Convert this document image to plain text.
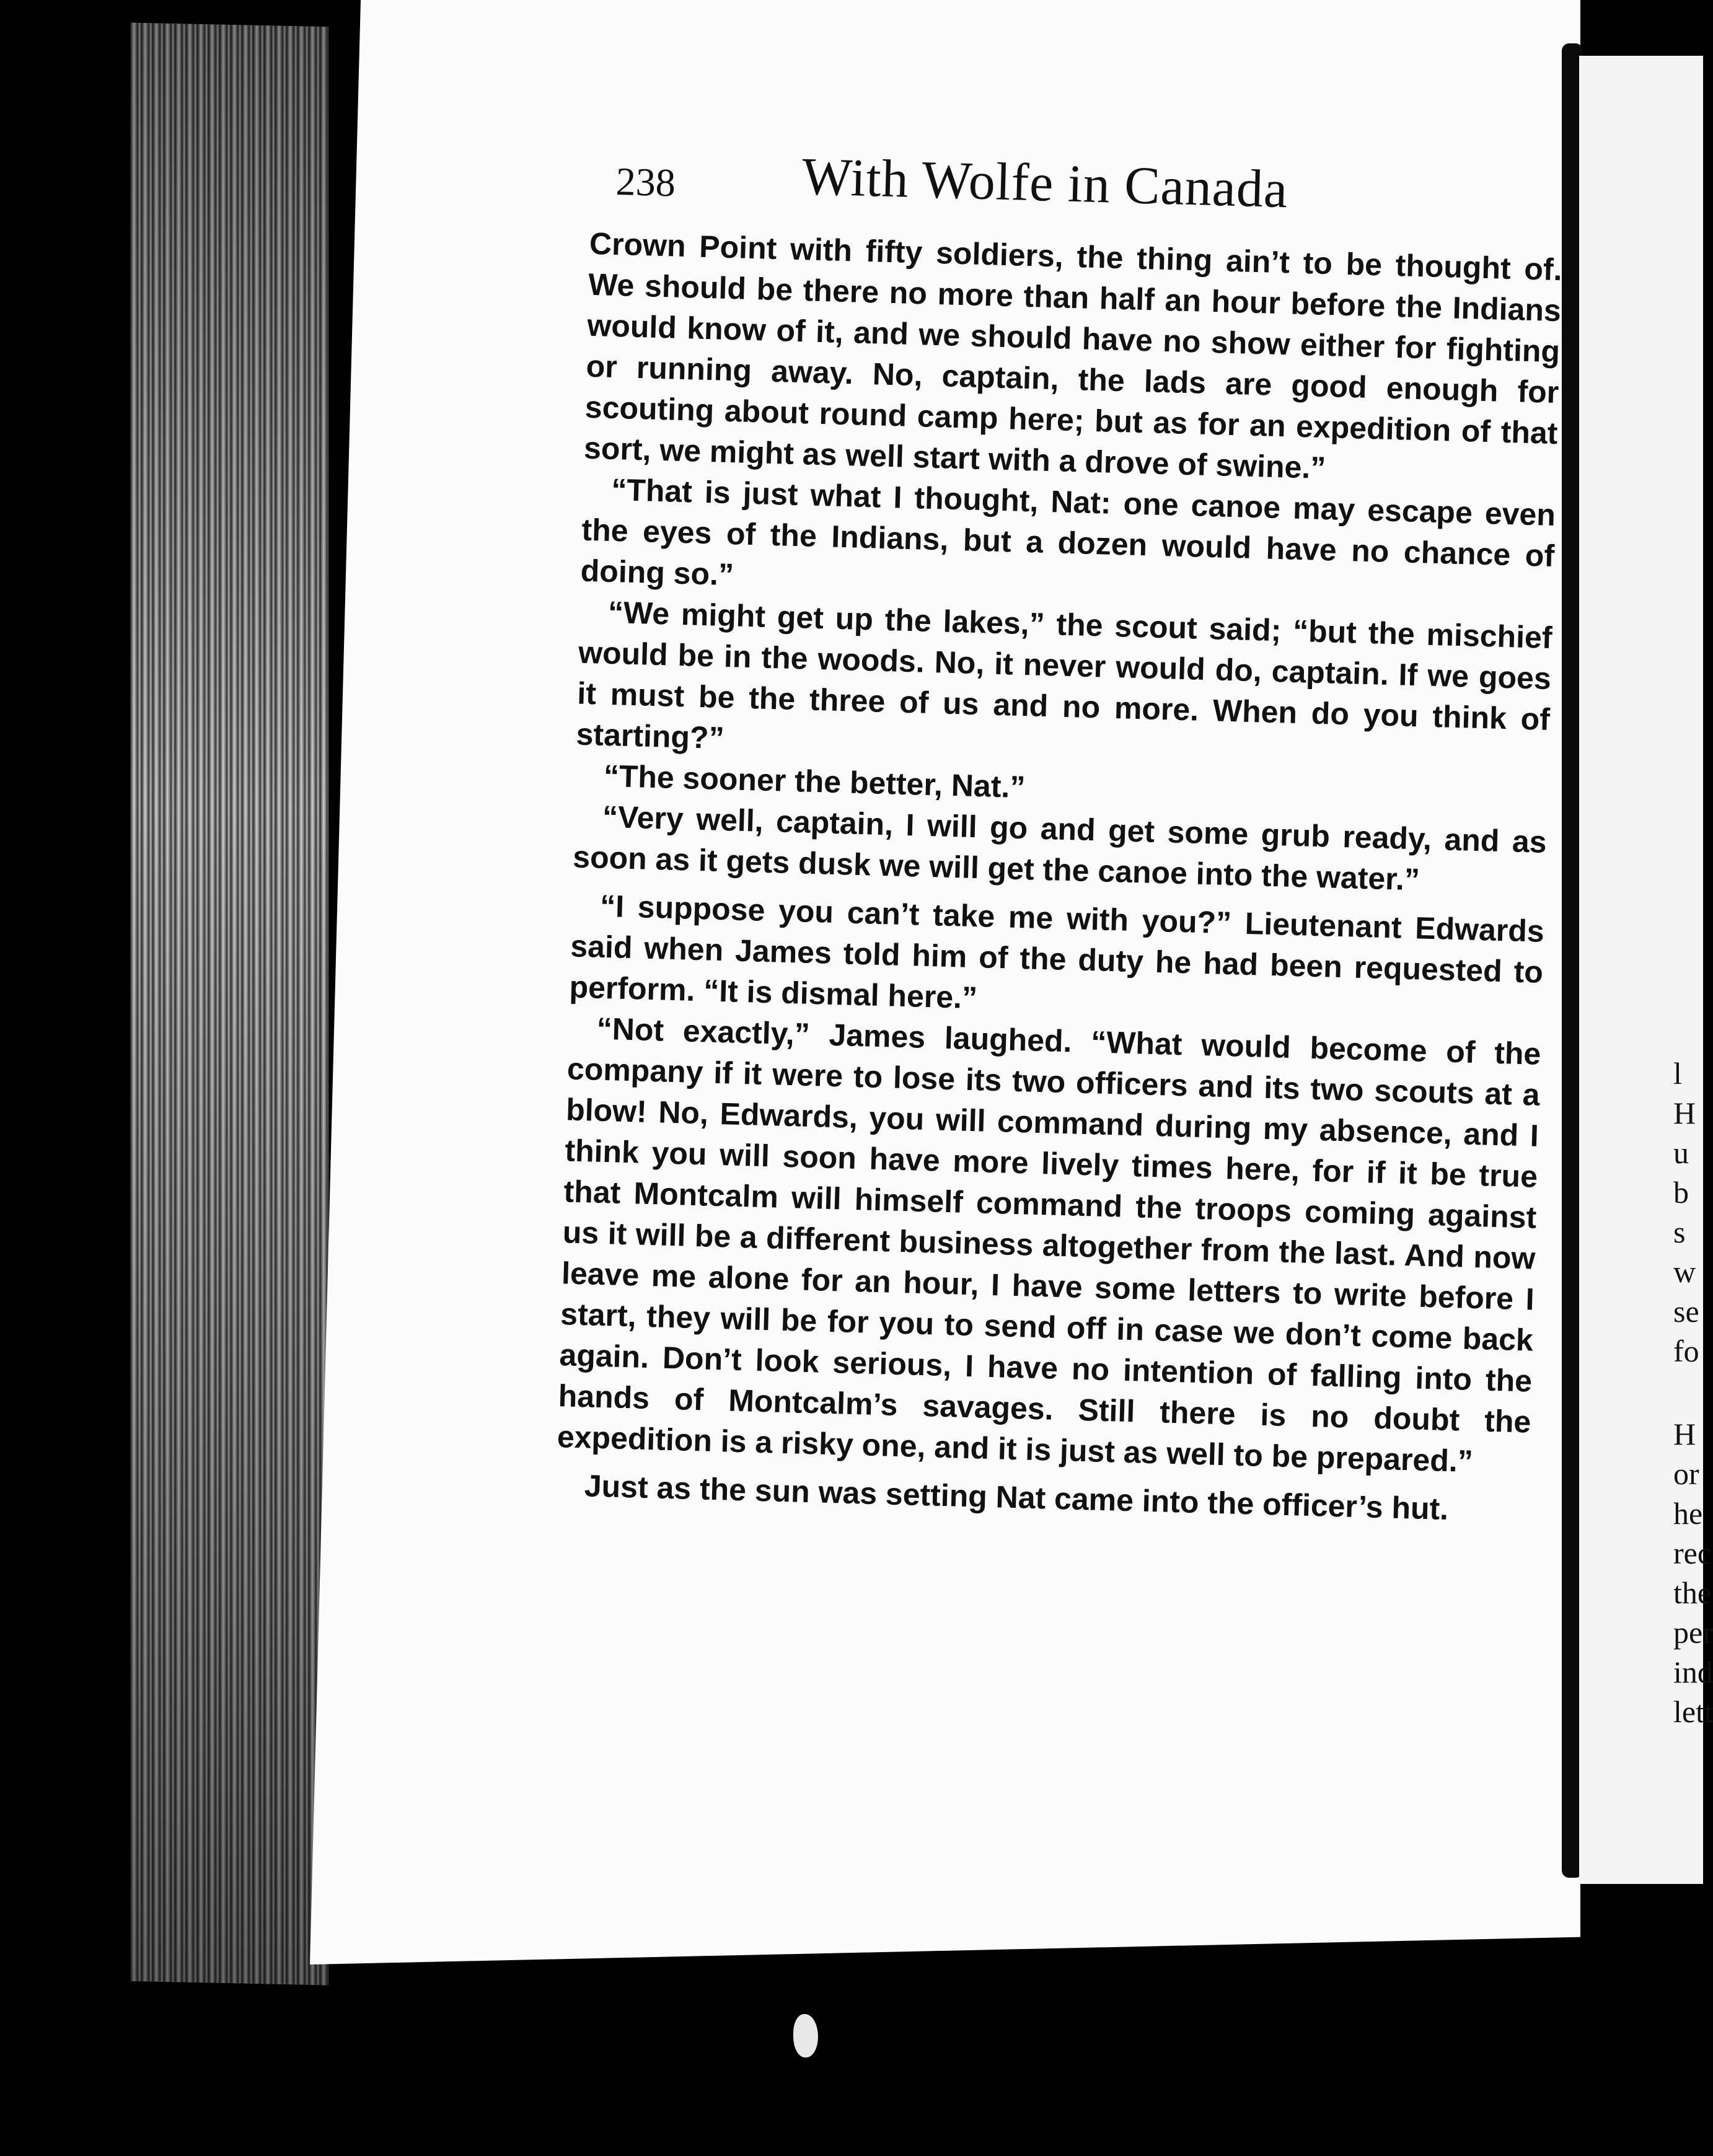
l
H
u
b
s
w
se
fo
H
or
he
rec
the
per
ind
lett
238 With Wolfe in Canada

Crown Point with fifty soldiers, the thing ain’t to be thought of. We should be there no more than half an hour before the Indians would know of it, and we should have no show either for fighting or running away. No, captain, the lads are good enough for scouting about round camp here; but as for an expedition of that sort, we might as well start with a drove of swine.”

“That is just what I thought, Nat: one canoe may escape even the eyes of the Indians, but a dozen would have no chance of doing so.”

“We might get up the lakes,” the scout said; “but the mischief would be in the woods. No, it never would do, captain. If we goes it must be the three of us and no more. When do you think of starting?”

“The sooner the better, Nat.”

“Very well, captain, I will go and get some grub ready, and as soon as it gets dusk we will get the canoe into the water.”

“I suppose you can’t take me with you?” Lieutenant Edwards said when James told him of the duty he had been requested to perform. “It is dismal here.”

“Not exactly,” James laughed. “What would become of the company if it were to lose its two officers and its two scouts at a blow! No, Edwards, you will command during my absence, and I think you will soon have more lively times here, for if it be true that Montcalm will himself command the troops coming against us it will be a different business altogether from the last. And now leave me alone for an hour, I have some letters to write before I start, they will be for you to send off in case we don’t come back again. Don’t look serious, I have no intention of falling into the hands of Montcalm’s savages. Still there is no doubt the expedition is a risky one, and it is just as well to be prepared.”

Just as the sun was setting Nat came into the officer’s hut.
